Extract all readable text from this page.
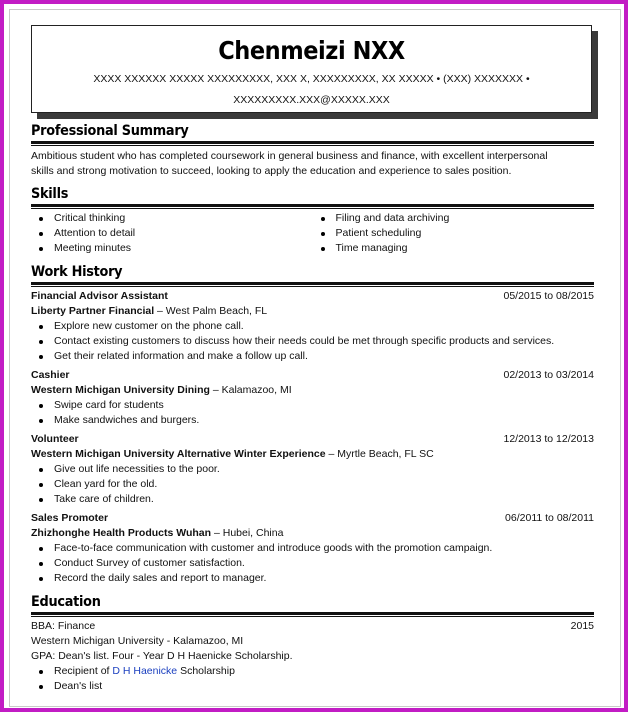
Chenmeizi NXX
XXXX XXXXXX XXXXX XXXXXXXXX, XXX X, XXXXXXXXX, XX XXXXX • (XXX) XXXXXXX •
XXXXXXXXX.XXX@XXXXX.XXX
Professional Summary
Ambitious student who has completed coursework in general business and finance, with excellent interpersonal
skills and strong motivation to succeed, looking to apply the education and experience to sales position.
Skills
Critical thinking
Attention to detail
Meeting minutes
Filing and data archiving
Patient scheduling
Time managing
Work History
Financial Advisor Assistant	05/2015 to 08/2015
Liberty Partner Financial – West Palm Beach, FL
Explore new customer on the phone call.
Contact existing customers to discuss how their needs could be met through specific products and services.
Get their related information and make a follow up call.
Cashier	02/2013 to 03/2014
Western Michigan University Dining – Kalamazoo, MI
Swipe card for students
Make sandwiches and burgers.
Volunteer	12/2013 to 12/2013
Western Michigan University Alternative Winter Experience – Myrtle Beach, FL SC
Give out life necessities to the poor.
Clean yard for the old.
Take care of children.
Sales Promoter	06/2011 to 08/2011
Zhizhonghe Health Products Wuhan – Hubei, China
Face-to-face communication with customer and introduce goods with the promotion campaign.
Conduct Survey of customer satisfaction.
Record the daily sales and report to manager.
Education
BBA: Finance	2015
Western Michigan University - Kalamazoo, MI
GPA: Dean's list. Four - Year D H Haenicke Scholarship.
Recipient of D H Haenicke Scholarship
Dean's list
